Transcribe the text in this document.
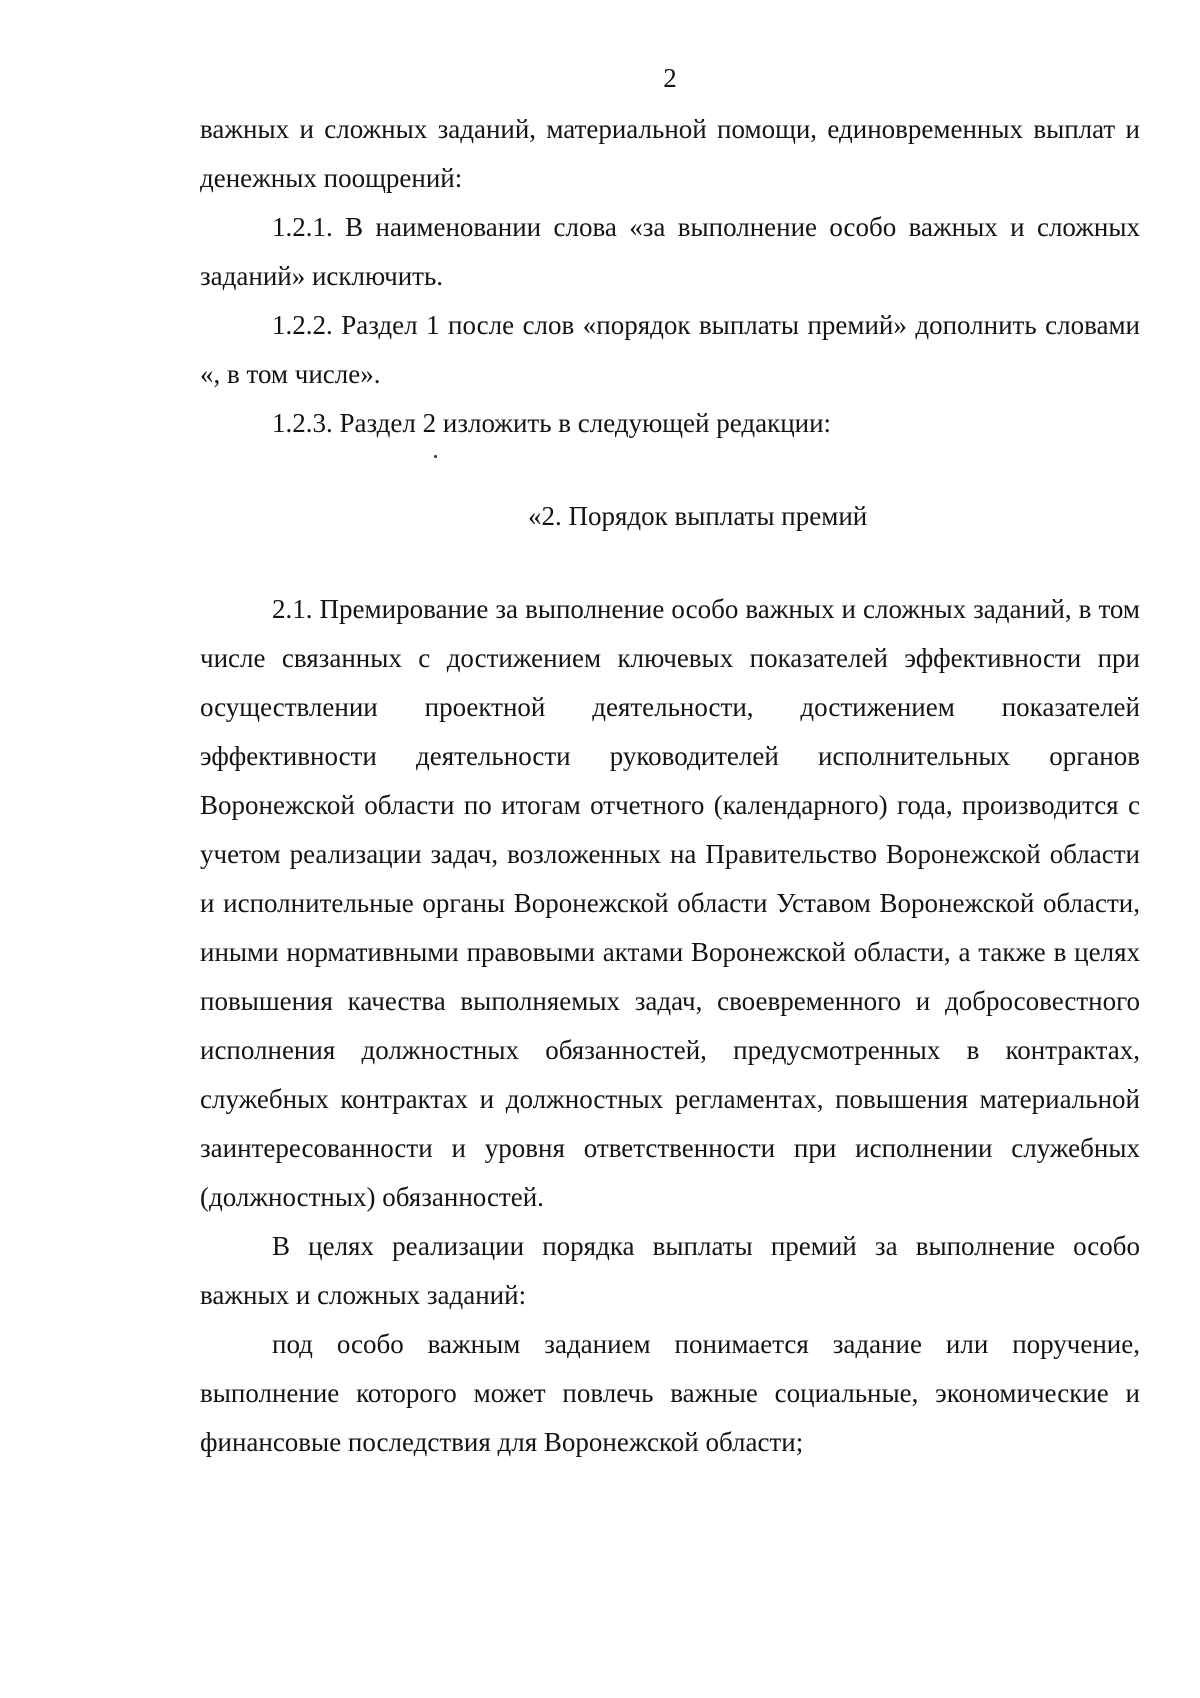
2

важных и сложных заданий, материальной помощи, единовременных выплат и денежных поощрений:

1.2.1. В наименовании слова «за выполнение особо важных и сложных заданий» исключить.

1.2.2. Раздел 1 после слов «порядок выплаты премий» дополнить словами «, в том числе».

1.2.3. Раздел 2 изложить в следующей редакции:

«2. Порядок выплаты премий

2.1. Премирование за выполнение особо важных и сложных заданий, в том числе связанных с достижением ключевых показателей эффективности при осуществлении проектной деятельности, достижением показателей эффективности деятельности руководителей исполнительных органов Воронежской области по итогам отчетного (календарного) года, производится с учетом реализации задач, возложенных на Правительство Воронежской области и исполнительные органы Воронежской области Уставом Воронежской области, иными нормативными правовыми актами Воронежской области, а также в целях повышения качества выполняемых задач, своевременного и добросовестного исполнения должностных обязанностей, предусмотренных в контрактах, служебных контрактах и должностных регламентах, повышения материальной заинтересованности и уровня ответственности при исполнении служебных (должностных) обязанностей.

В целях реализации порядка выплаты премий за выполнение особо важных и сложных заданий:

под особо важным заданием понимается задание или поручение, выполнение которого может повлечь важные социальные, экономические и финансовые последствия для Воронежской области;
